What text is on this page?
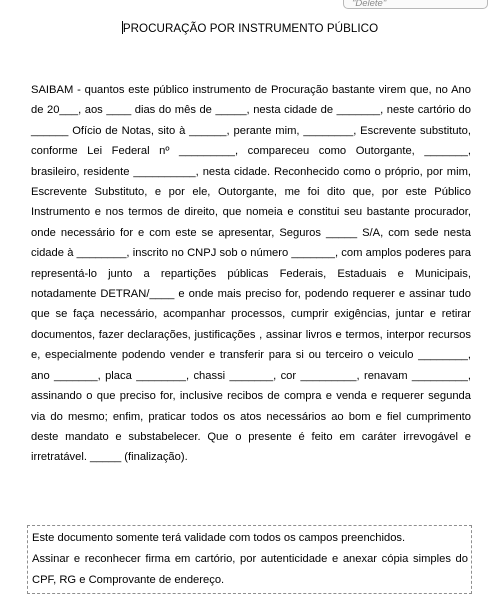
"Delete"
PROCURAÇÃO POR INSTRUMENTO PÚBLICO

SAIBAM - quantos este público instrumento de Procuração bastante virem que, no Ano de 20___, aos ____ dias do mês de _____, nesta cidade de _______, neste cartório do ______ Ofício de Notas, sito à ______, perante mim, ________, Escrevente substituto, conforme Lei Federal nº _________, compareceu como Outorgante, _______, brasileiro, residente __________, nesta cidade. Reconhecido como o próprio, por mim, Escrevente Substituto, e por ele, Outorgante, me foi dito que, por este Público Instrumento e nos termos de direito, que nomeia e constitui seu bastante procurador, onde necessário for e com este se apresentar, Seguros _____ S/A, com sede nesta cidade à ________, inscrito no CNPJ sob o número _______, com amplos poderes para representá-lo junto a repartições públicas Federais, Estaduais e Municipais, notadamente DETRAN/____ e onde mais preciso for, podendo requerer e assinar tudo que se faça necessário, acompanhar processos, cumprir exigências, juntar e retirar documentos, fazer declarações, justificações , assinar livros e termos, interpor recursos e, especialmente podendo vender e transferir para si ou terceiro o veiculo ________, ano _______, placa ________, chassi _______, cor _________, renavam _________, assinando o que preciso for, inclusive recibos de compra e venda e requerer segunda via do mesmo; enfim, praticar todos os atos necessários ao bom e fiel cumprimento deste mandato e substabelecer. Que o presente é feito em caráter irrevogável e irretratável. _____ (finalização).

Este documento somente terá validade com todos os campos preenchidos.

Assinar e reconhecer firma em cartório, por autenticidade e anexar cópia simples do CPF, RG e Comprovante de endereço.
